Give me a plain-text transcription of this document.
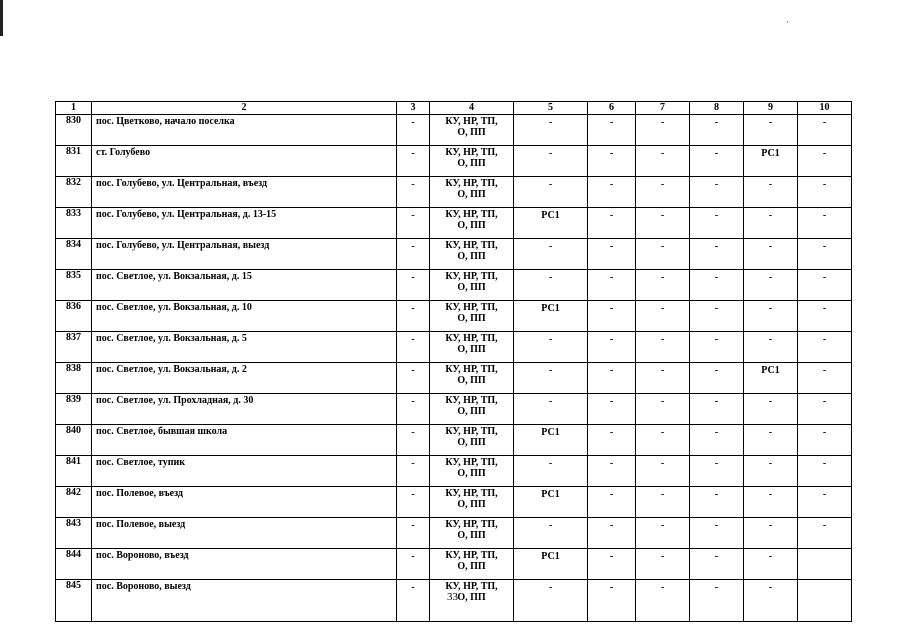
1	2	3	4	5	6	7	8	9	10
830	пос. Цветково, начало поселка	-	КУ, НР, ТП,
О, ПП	-	-	-	-	-	-
831	ст. Голубево	-	КУ, НР, ТП,
О, ПП	-	-	-	-	РС1	-
832	пос. Голубево, ул. Центральная, въезд	-	КУ, НР, ТП,
О, ПП	-	-	-	-	-	-
833	пос. Голубево, ул. Центральная, д. 13-15	-	КУ, НР, ТП,
О, ПП	РС1	-	-	-	-	-
834	пос. Голубево, ул. Центральная, выезд	-	КУ, НР, ТП,
О, ПП	-	-	-	-	-	-
835	пос. Светлое, ул. Вокзальная, д. 15	-	КУ, НР, ТП,
О, ПП	-	-	-	-	-	-
836	пос. Светлое, ул. Вокзальная, д. 10	-	КУ, НР, ТП,
О, ПП	РС1	-	-	-	-	-
837	пос. Светлое, ул. Вокзальная, д. 5	-	КУ, НР, ТП,
О, ПП	-	-	-	-	-	-
838	пос. Светлое, ул. Вокзальная, д. 2	-	КУ, НР, ТП,
О, ПП	-	-	-	-	РС1	-
839	пос. Светлое, ул. Прохладная, д. 30	-	КУ, НР, ТП,
О, ПП	-	-	-	-	-	-
840	пос. Светлое, бывшая школа	-	КУ, НР, ТП,
О, ПП	РС1	-	-	-	-	-
841	пос. Светлое, тупик	-	КУ, НР, ТП,
О, ПП	-	-	-	-	-	-
842	пос. Полевое, въезд	-	КУ, НР, ТП,
О, ПП	РС1	-	-	-	-	-
843	пос. Полевое, выезд	-	КУ, НР, ТП,
О, ПП	-	-	-	-	-	-
844	пос. Вороново, въезд	-	КУ, НР, ТП,
О, ПП	РС1	-	-	-	-	
845	пос. Вороново, выезд	-	КУ, НР, ТП,
О, ПП	-	-	-	-	-	
33
